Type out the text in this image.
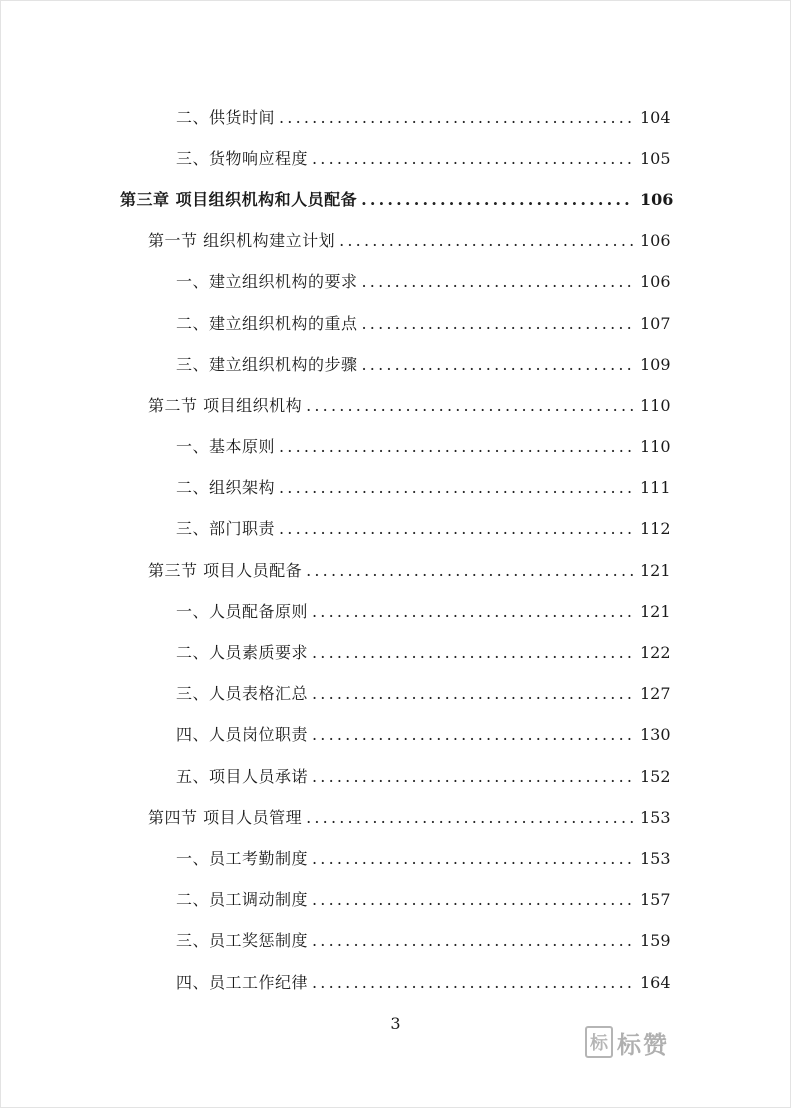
二、供货时间 .....	104
三、货物响应程度 .....	105
第三章 项目组织机构和人员配备 .....	106
第一节 组织机构建立计划 .....	106
一、建立组织机构的要求 .....	106
二、建立组织机构的重点 .....	107
三、建立组织机构的步骤 .....	109
第二节 项目组织机构 .....	110
一、基本原则 .....	110
二、组织架构 .....	111
三、部门职责 .....	112
第三节 项目人员配备 .....	121
一、人员配备原则 .....	121
二、人员素质要求 .....	122
三、人员表格汇总 .....	127
四、人员岗位职责 .....	130
五、项目人员承诺 .....	152
第四节 项目人员管理 .....	153
一、员工考勤制度 .....	153
二、员工调动制度 .....	157
三、员工奖惩制度 .....	159
四、员工工作纪律 .....	164
3
标 标赞
